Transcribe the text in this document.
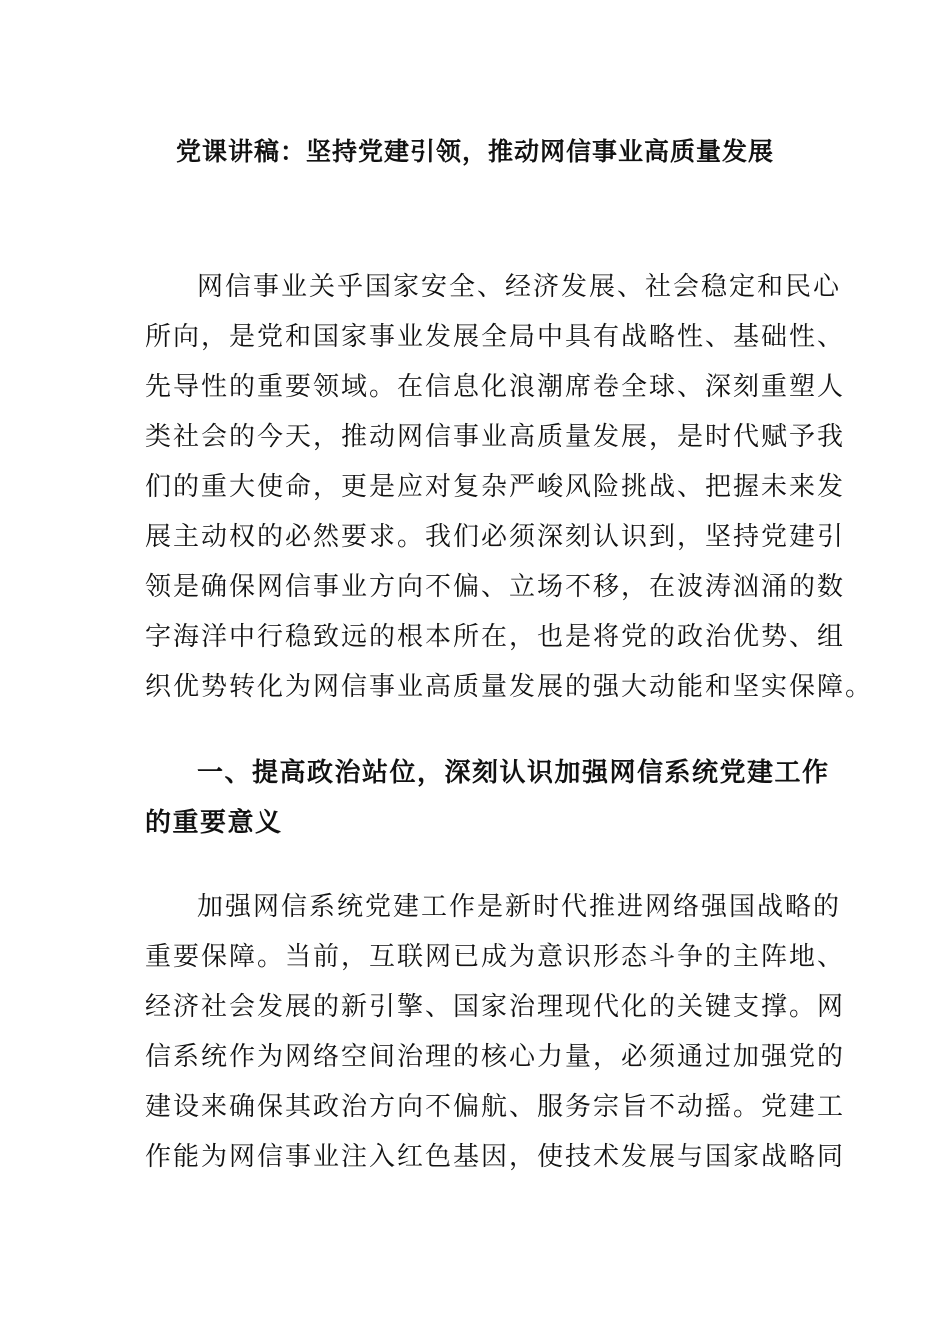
党课讲稿：坚持党建引领，推动网信事业高质量发展
网信事业关乎国家安全、经济发展、社会稳定和民心
所向，是党和国家事业发展全局中具有战略性、基础性、
先导性的重要领域。在信息化浪潮席卷全球、深刻重塑人
类社会的今天，推动网信事业高质量发展，是时代赋予我
们的重大使命，更是应对复杂严峻风险挑战、把握未来发
展主动权的必然要求。我们必须深刻认识到，坚持党建引
领是确保网信事业方向不偏、立场不移，在波涛汹涌的数
字海洋中行稳致远的根本所在，也是将党的政治优势、组
织优势转化为网信事业高质量发展的强大动能和坚实保障。
一、提高政治站位，深刻认识加强网信系统党建工作
的重要意义
加强网信系统党建工作是新时代推进网络强国战略的
重要保障。当前，互联网已成为意识形态斗争的主阵地、
经济社会发展的新引擎、国家治理现代化的关键支撑。网
信系统作为网络空间治理的核心力量，必须通过加强党的
建设来确保其政治方向不偏航、服务宗旨不动摇。党建工
作能为网信事业注入红色基因，使技术发展与国家战略同
